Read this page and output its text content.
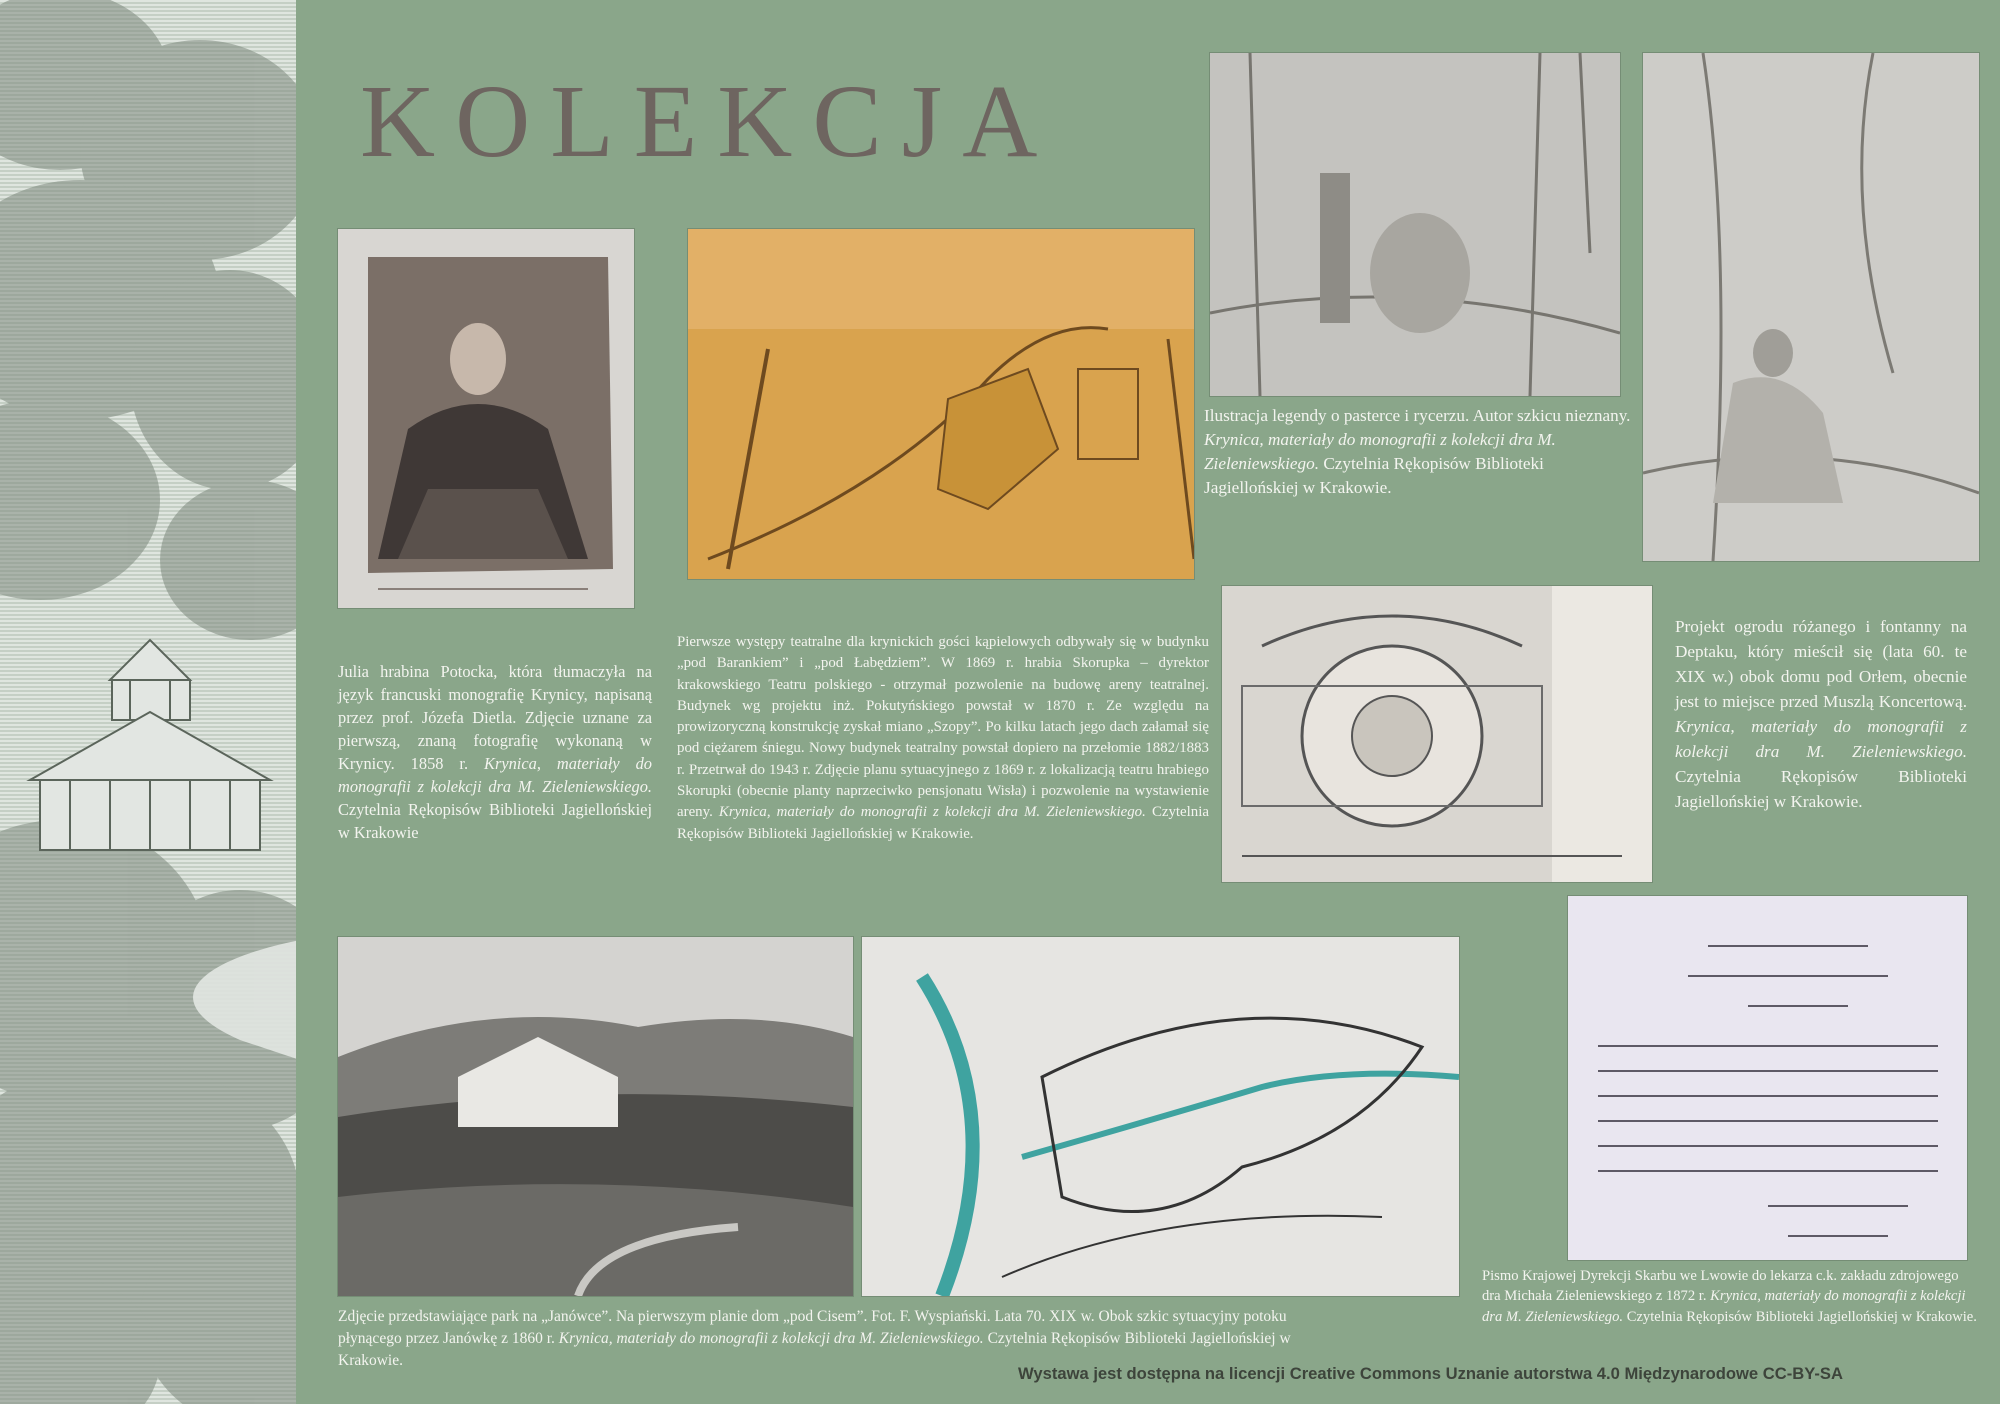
KOLEKCJA

Julia hrabina Potocka, która tłumaczyła na język francuski monografię Krynicy, napisaną przez prof. Józefa Dietla. Zdjęcie uznane za pierwszą, znaną fotografię wykonaną w Krynicy. 1858 r. Krynica, materiały do monografii z kolekcji dra M. Zieleniewskiego. Czytelnia Rękopisów Biblioteki Jagiellońskiej w Krakowie

Pierwsze występy teatralne dla krynickich gości kąpielowych odbywały się w budynku „pod Barankiem” i „pod Łabędziem”. W 1869 r. hrabia Skorupka – dyrektor krakowskiego Teatru polskiego - otrzymał pozwolenie na budowę areny teatralnej. Budynek wg projektu inż. Pokutyńskiego powstał w 1870 r. Ze względu na prowizoryczną konstrukcję zyskał miano „Szopy”. Po kilku latach jego dach załamał się pod ciężarem śniegu. Nowy budynek teatralny powstał dopiero na przełomie 1882/1883 r. Przetrwał do 1943 r. Zdjęcie planu sytuacyjnego z 1869 r. z lokalizacją teatru hrabiego Skorupki (obecnie planty naprzeciwko pensjonatu Wisła) i pozwolenie na wystawienie areny. Krynica, materiały do monografii z kolekcji dra M. Zieleniewskiego. Czytelnia Rękopisów Biblioteki Jagiellońskiej w Krakowie.

Ilustracja legendy o pasterce i rycerzu. Autor szkicu nieznany. Krynica, materiały do monografii z kolekcji dra M. Zieleniewskiego. Czytelnia Rękopisów Biblioteki Jagiellońskiej w Krakowie.

Projekt ogrodu różanego i fontanny na Deptaku, który mieścił się (lata 60. te XIX w.) obok domu pod Orłem, obecnie jest to miejsce przed Muszlą Koncertową. Krynica, materiały do monografii z kolekcji dra M. Zieleniewskiego. Czytelnia Rękopisów Biblioteki Jagiellońskiej w Krakowie.

Zdjęcie przedstawiające park na „Janówce”. Na pierwszym planie dom „pod Cisem”. Fot. F. Wyspiański. Lata 70. XIX w. Obok szkic sytuacyjny potoku płynącego przez Janówkę z 1860 r. Krynica, materiały do monografii z kolekcji dra M. Zieleniewskiego. Czytelnia Rękopisów Biblioteki Jagiellońskiej w Krakowie.

Pismo Krajowej Dyrekcji Skarbu we Lwowie do lekarza c.k. zakładu zdrojowego dra Michała Zieleniewskiego z 1872 r. Krynica, materiały do monografii z kolekcji dra M. Zieleniewskiego. Czytelnia Rękopisów Biblioteki Jagiellońskiej w Krakowie.

Wystawa jest dostępna na licencji Creative Commons Uznanie autorstwa 4.0 Międzynarodowe CC-BY-SA
